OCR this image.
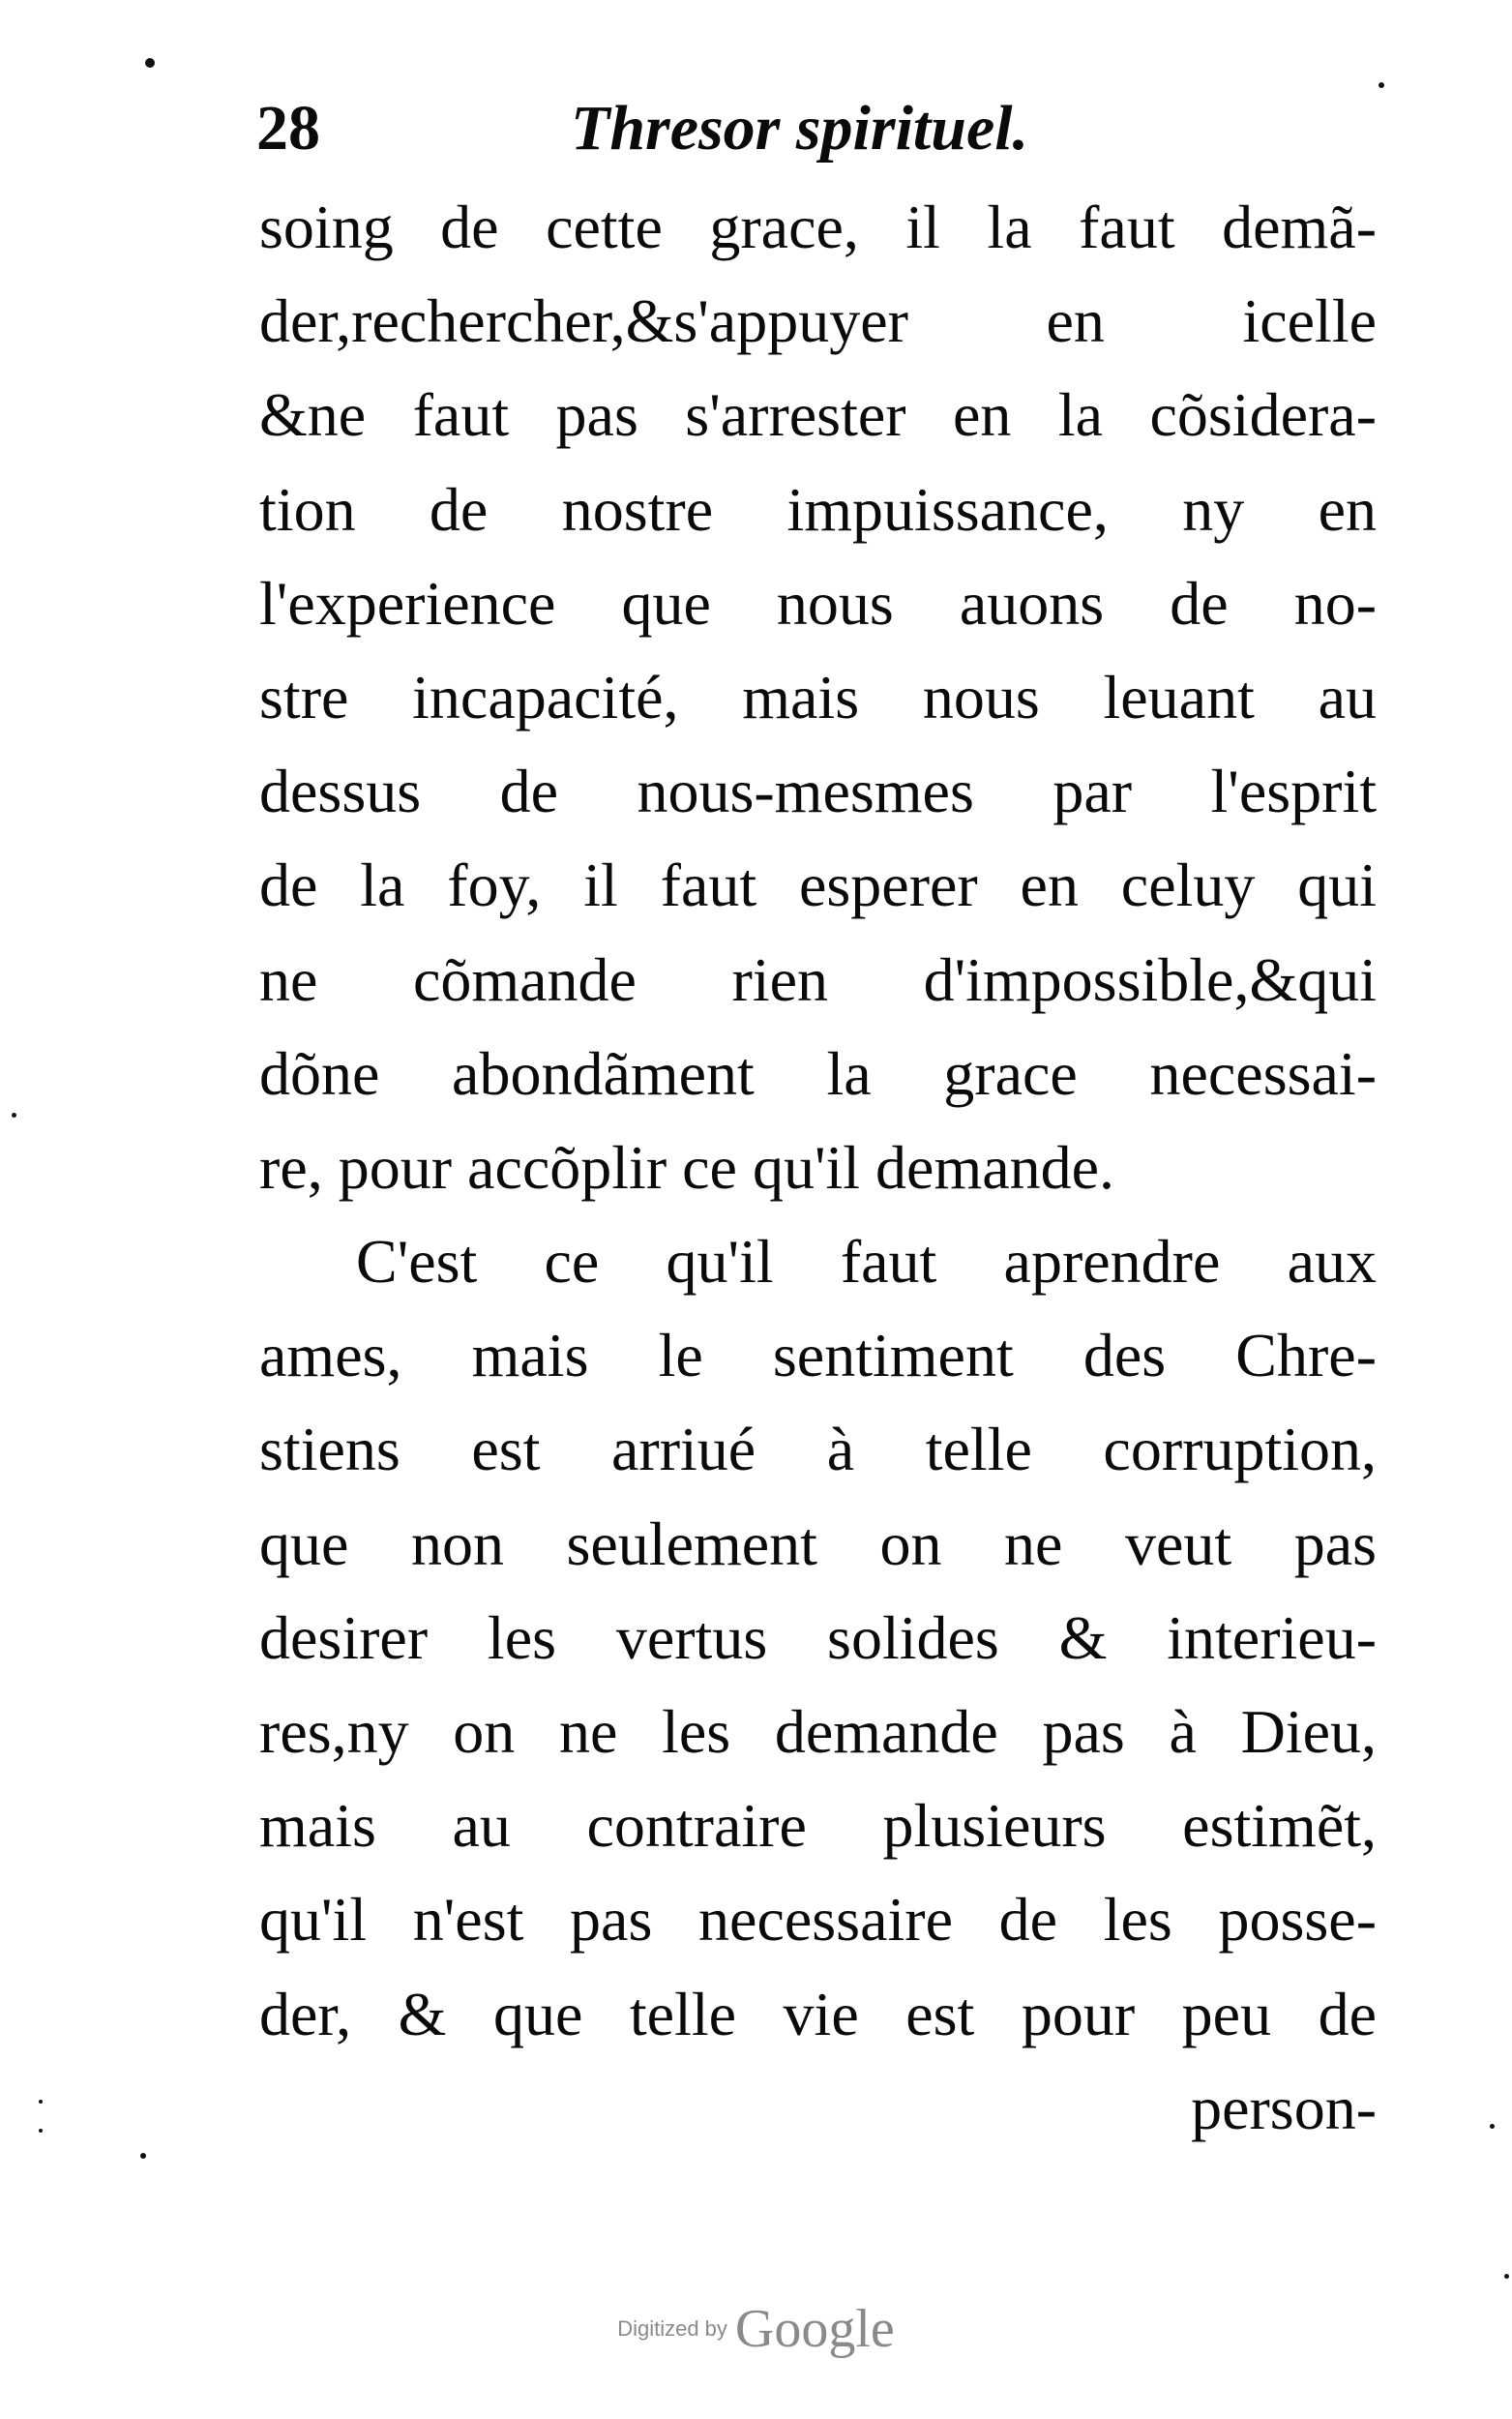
28	Thresor spirituel.
soing de cette grace, il la faut demã-
der,rechercher,&s'appuyer en icelle
&ne faut pas s'arrester en la cõsidera-
tion de nostre impuissance, ny en
l'experience que nous auons de no-
stre incapacité, mais nous leuant au
dessus de nous-mesmes par l'esprit
de la foy, il faut esperer en celuy qui
ne cõmande rien d'impossible,&qui
dõne abondãment la grace necessai-
re, pour accõplir ce qu'il demande.
C'est ce qu'il faut aprendre aux
ames, mais le sentiment des Chre-
stiens est arriué à telle corruption,
que non seulement on ne veut pas
desirer les vertus solides & interieu-
res,ny on ne les demande pas à Dieu,
mais au contraire plusieurs estimẽt,
qu'il n'est pas necessaire de les posse-
der, & que telle vie est pour peu de
person-
Digitized by Google
